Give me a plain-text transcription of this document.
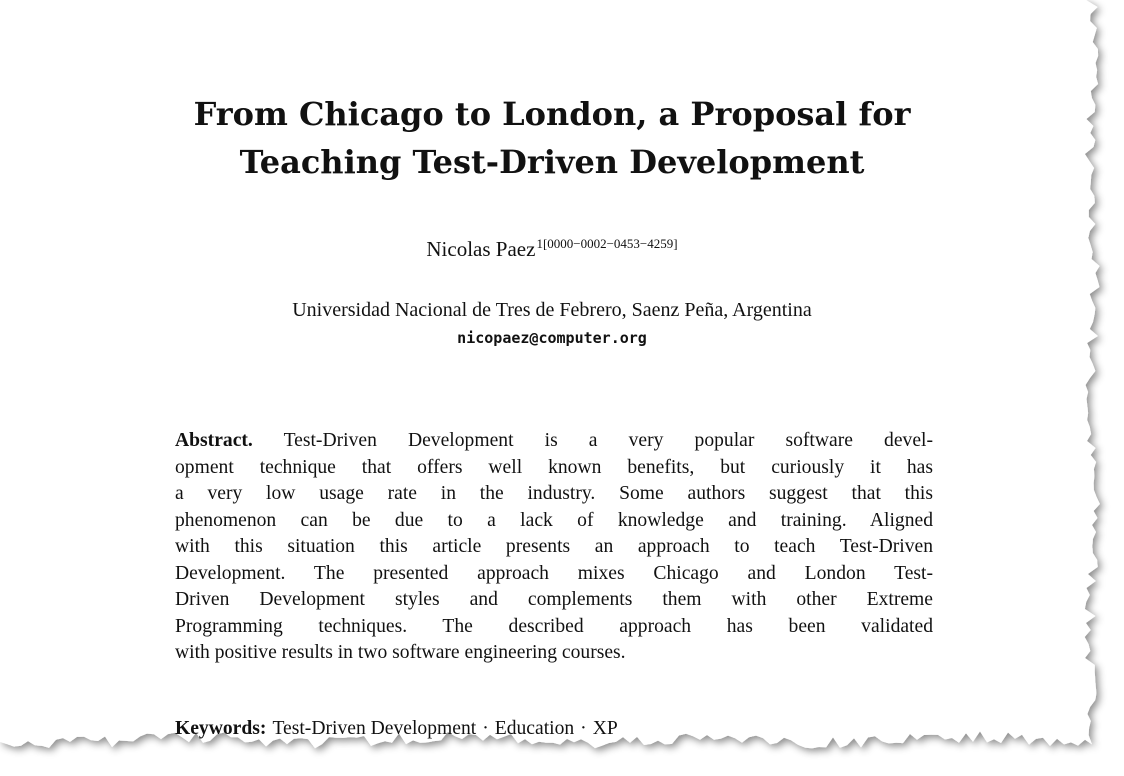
From Chicago to London, a Proposal for
Teaching Test-Driven Development
Nicolas Paez$^{1[0000-0002-0453-4259]}$
Universidad Nacional de Tres de Febrero, Saenz Peña, Argentina
nicopaez@computer.org
Abstract. Test-Driven Development is a very popular software devel-
opment technique that offers well known benefits, but curiously it has
a very low usage rate in the industry. Some authors suggest that this
phenomenon can be due to a lack of knowledge and training. Aligned
with this situation this article presents an approach to teach Test-Driven
Development. The presented approach mixes Chicago and London Test-
Driven Development styles and complements them with other Extreme
Programming techniques. The described approach has been validated
with positive results in two software engineering courses.
Keywords: Test-Driven Development · Education · XP
